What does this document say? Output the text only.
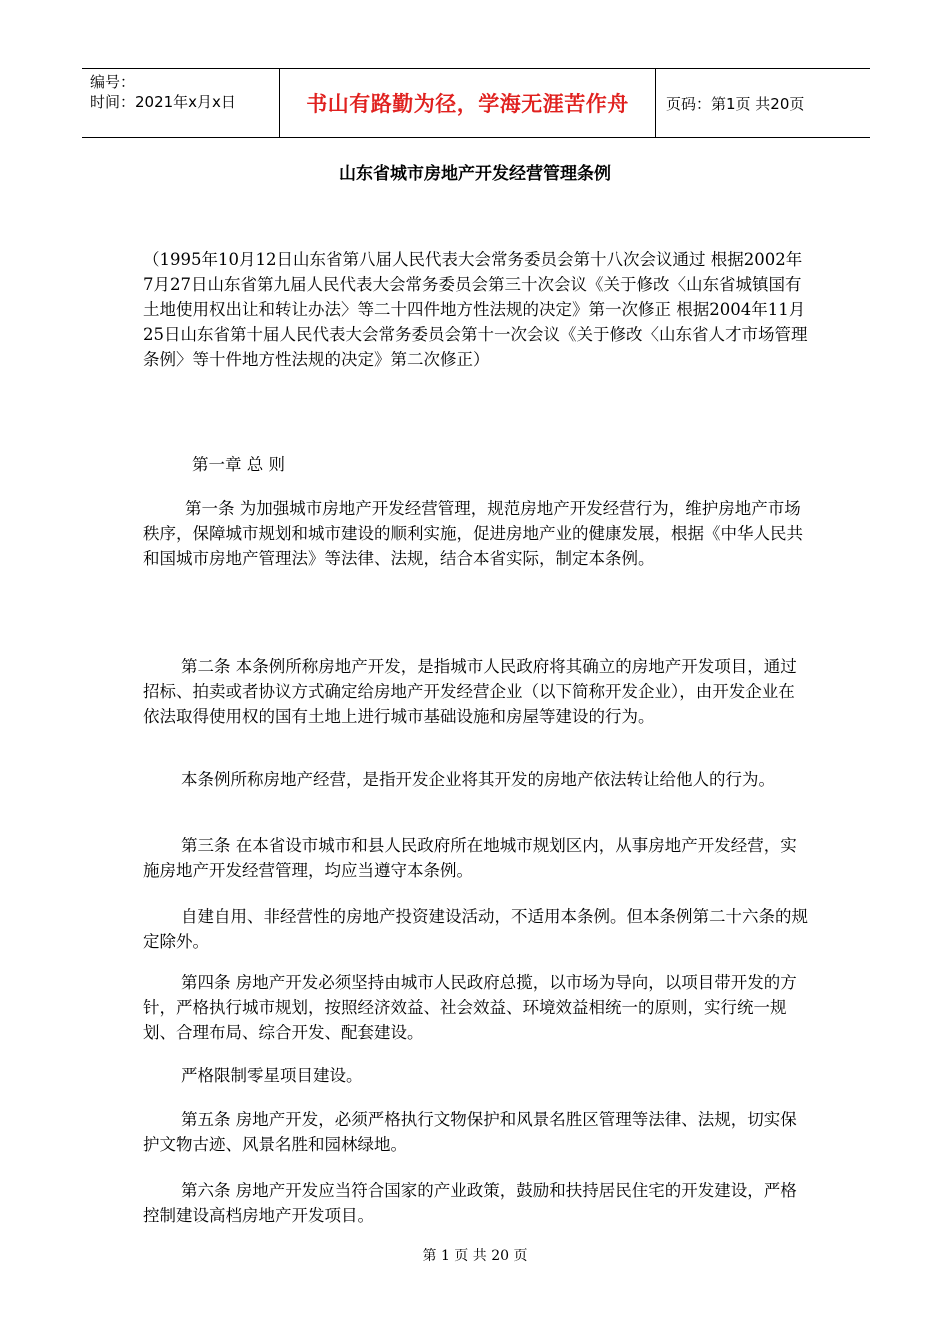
编号：
时间：2021年x月x日	书山有路勤为径，学海无涯苦作舟	页码：第1页 共20页
山东省城市房地产开发经营管理条例

（1995年10月12日山东省第八届人民代表大会常务委员会第十八次会议通过 根据2002年7月27日山东省第九届人民代表大会常务委员会第三十次会议《关于修改〈山东省城镇国有土地使用权出让和转让办法〉等二十四件地方性法规的决定》第一次修正 根据2004年11月25日山东省第十届人民代表大会常务委员会第十一次会议《关于修改〈山东省人才市场管理条例〉等十件地方性法规的决定》第二次修正）

第一章 总 则

第一条 为加强城市房地产开发经营管理，规范房地产开发经营行为，维护房地产市场秩序，保障城市规划和城市建设的顺利实施，促进房地产业的健康发展，根据《中华人民共和国城市房地产管理法》等法律、法规，结合本省实际，制定本条例。

第二条 本条例所称房地产开发，是指城市人民政府将其确立的房地产开发项目，通过招标、拍卖或者协议方式确定给房地产开发经营企业（以下简称开发企业），由开发企业在依法取得使用权的国有土地上进行城市基础设施和房屋等建设的行为。

本条例所称房地产经营，是指开发企业将其开发的房地产依法转让给他人的行为。

第三条 在本省设市城市和县人民政府所在地城市规划区内，从事房地产开发经营，实施房地产开发经营管理，均应当遵守本条例。

自建自用、非经营性的房地产投资建设活动，不适用本条例。但本条例第二十六条的规定除外。

第四条 房地产开发必须坚持由城市人民政府总揽，以市场为导向，以项目带开发的方针，严格执行城市规划，按照经济效益、社会效益、环境效益相统一的原则，实行统一规划、合理布局、综合开发、配套建设。

严格限制零星项目建设。

第五条 房地产开发，必须严格执行文物保护和风景名胜区管理等法律、法规，切实保护文物古迹、风景名胜和园林绿地。

第六条 房地产开发应当符合国家的产业政策，鼓励和扶持居民住宅的开发建设，严格控制建设高档房地产开发项目。

第 1 页 共 20 页
